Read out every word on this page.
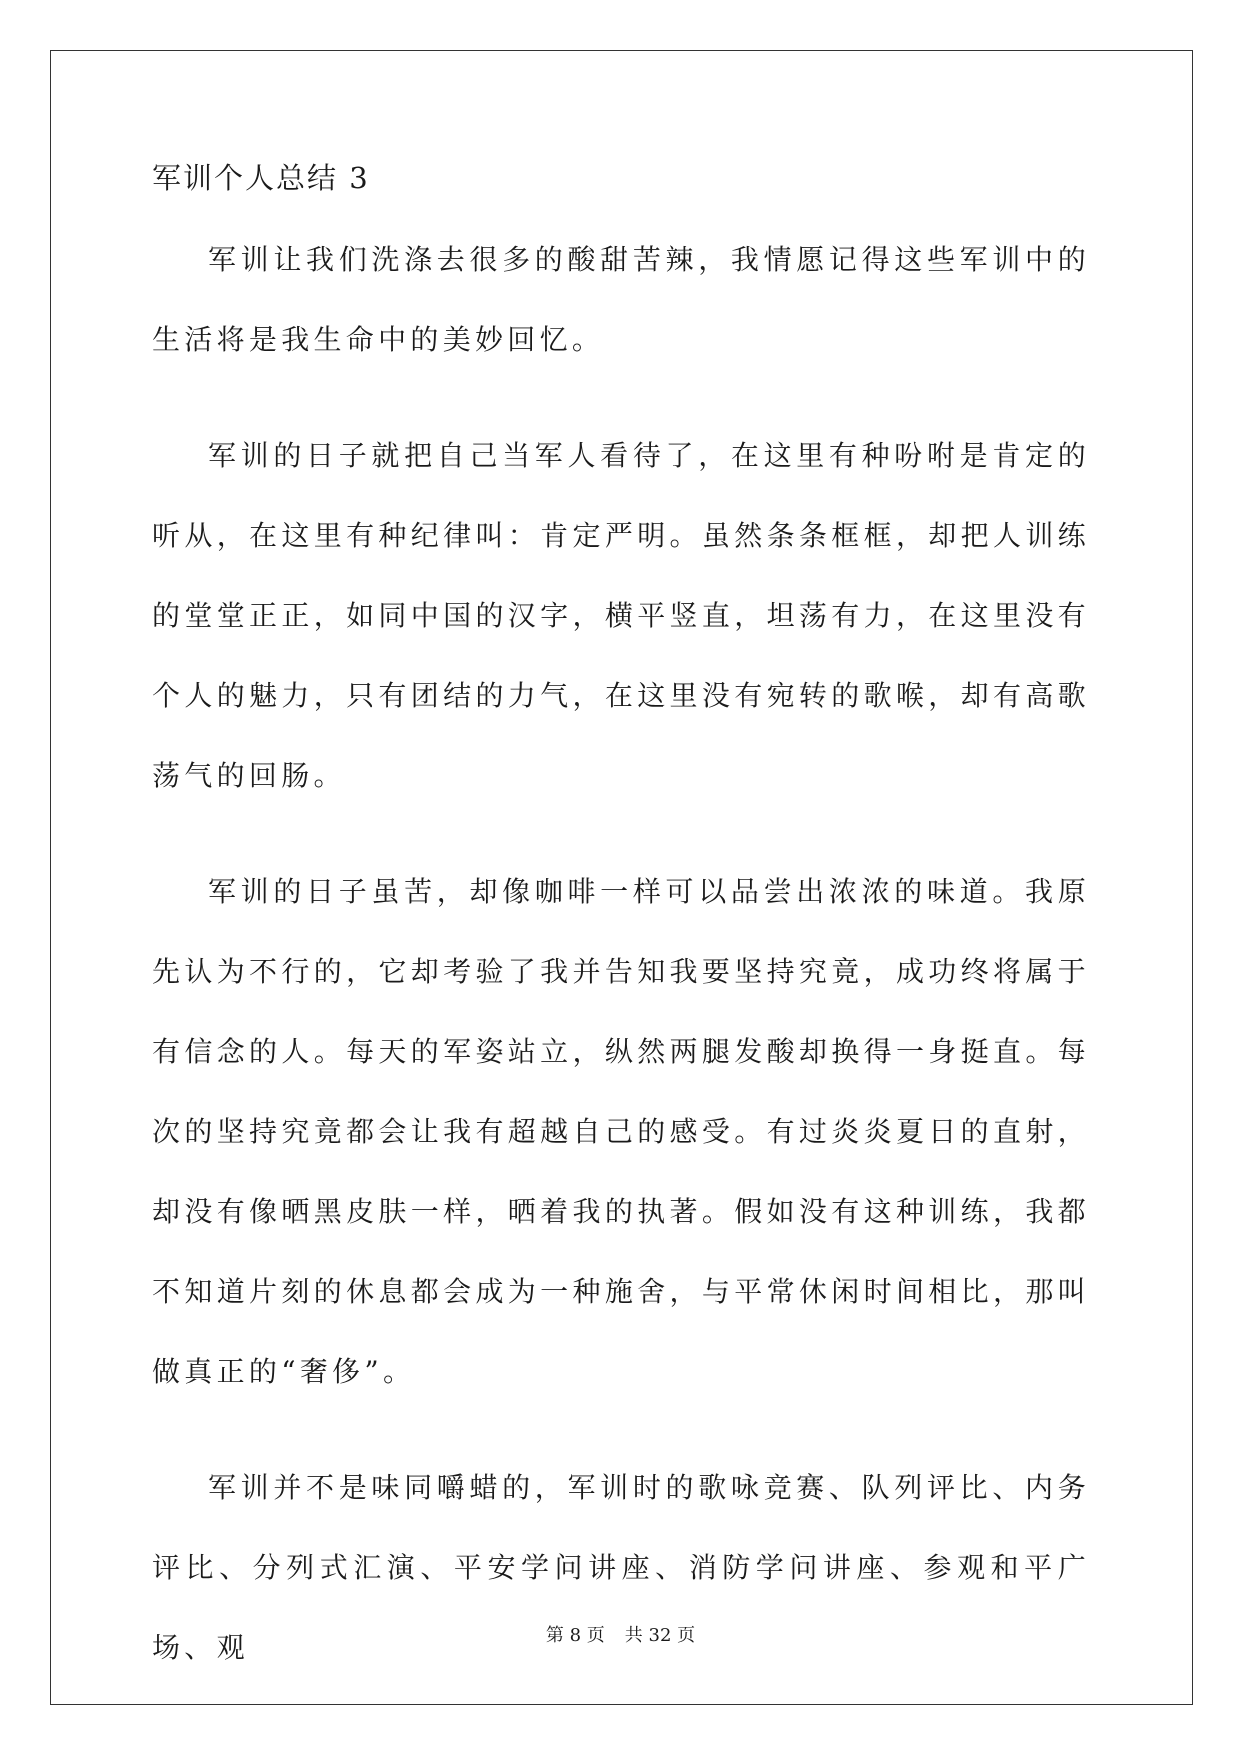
军训个人总结 3

军训让我们洗涤去很多的酸甜苦辣，我情愿记得这些军训中的生活将是我生命中的美妙回忆。

军训的日子就把自己当军人看待了，在这里有种吩咐是肯定的听从，在这里有种纪律叫：肯定严明。虽然条条框框，却把人训练的堂堂正正，如同中国的汉字，横平竖直，坦荡有力，在这里没有个人的魅力，只有团结的力气，在这里没有宛转的歌喉，却有高歌荡气的回肠。

军训的日子虽苦，却像咖啡一样可以品尝出浓浓的味道。我原先认为不行的，它却考验了我并告知我要坚持究竟，成功终将属于有信念的人。每天的军姿站立，纵然两腿发酸却换得一身挺直。每次的坚持究竟都会让我有超越自己的感受。有过炎炎夏日的直射，却没有像晒黑皮肤一样，晒着我的执著。假如没有这种训练，我都不知道片刻的休息都会成为一种施舍，与平常休闲时间相比，那叫做真正的“奢侈”。

军训并不是味同嚼蜡的，军训时的歌咏竞赛、队列评比、内务评比、分列式汇演、平安学问讲座、消防学问讲座、参观和平广场、观	第 8 页 共 32 页
